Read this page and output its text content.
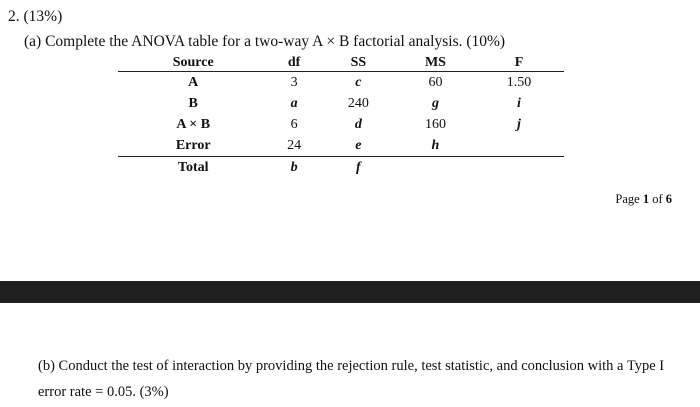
2. (13%)
(a) Complete the ANOVA table for a two-way A × B factorial analysis. (10%)
Source	df	SS	MS	F
A	3	c	60	1.50
B	a	240	g	i
A × B	6	d	160	j
Error	24	e	h	
Total	b	f		
Page 1 of 6
(b) Conduct the test of interaction by providing the rejection rule, test statistic, and conclusion with a Type I error rate = 0.05. (3%)
